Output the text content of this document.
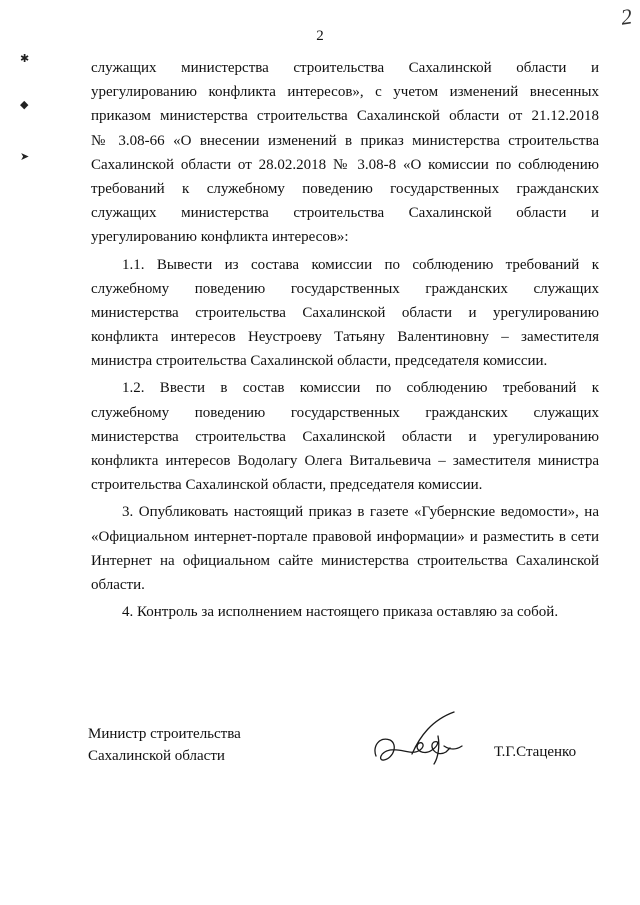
2
2
✱
◆
➤
служащих министерства строительства Сахалинской области и
урегулированию конфликта интересов», с учетом изменений внесенных
приказом министерства строительства Сахалинской области от 21.12.2018
№ 3.08-66 «О внесении изменений в приказ министерства строительства
Сахалинской области от 28.02.2018 № 3.08-8 «О комиссии по соблюдению
требований к служебному поведению государственных гражданских
служащих министерства строительства Сахалинской области и
урегулированию конфликта интересов»:
1.1. Вывести из состава комиссии по соблюдению требований к
служебному поведению государственных гражданских служащих
министерства строительства Сахалинской области и урегулированию
конфликта интересов Неустроеву Татьяну Валентиновну – заместителя
министра строительства Сахалинской области, председателя комиссии.
1.2. Ввести в состав комиссии по соблюдению требований к
служебному поведению государственных гражданских служащих
министерства строительства Сахалинской области и урегулированию
конфликта интересов Водолагу Олега Витальевича – заместителя министра
строительства Сахалинской области, председателя комиссии.
3. Опубликовать настоящий приказ в газете «Губернские ведомости», на
«Официальном интернет-портале правовой информации» и разместить в сети
Интернет на официальном сайте министерства строительства Сахалинской
области.
4. Контроль за исполнением настоящего приказа оставляю за собой.
Министр строительства
Сахалинской области	Т.Г.Стаценко
